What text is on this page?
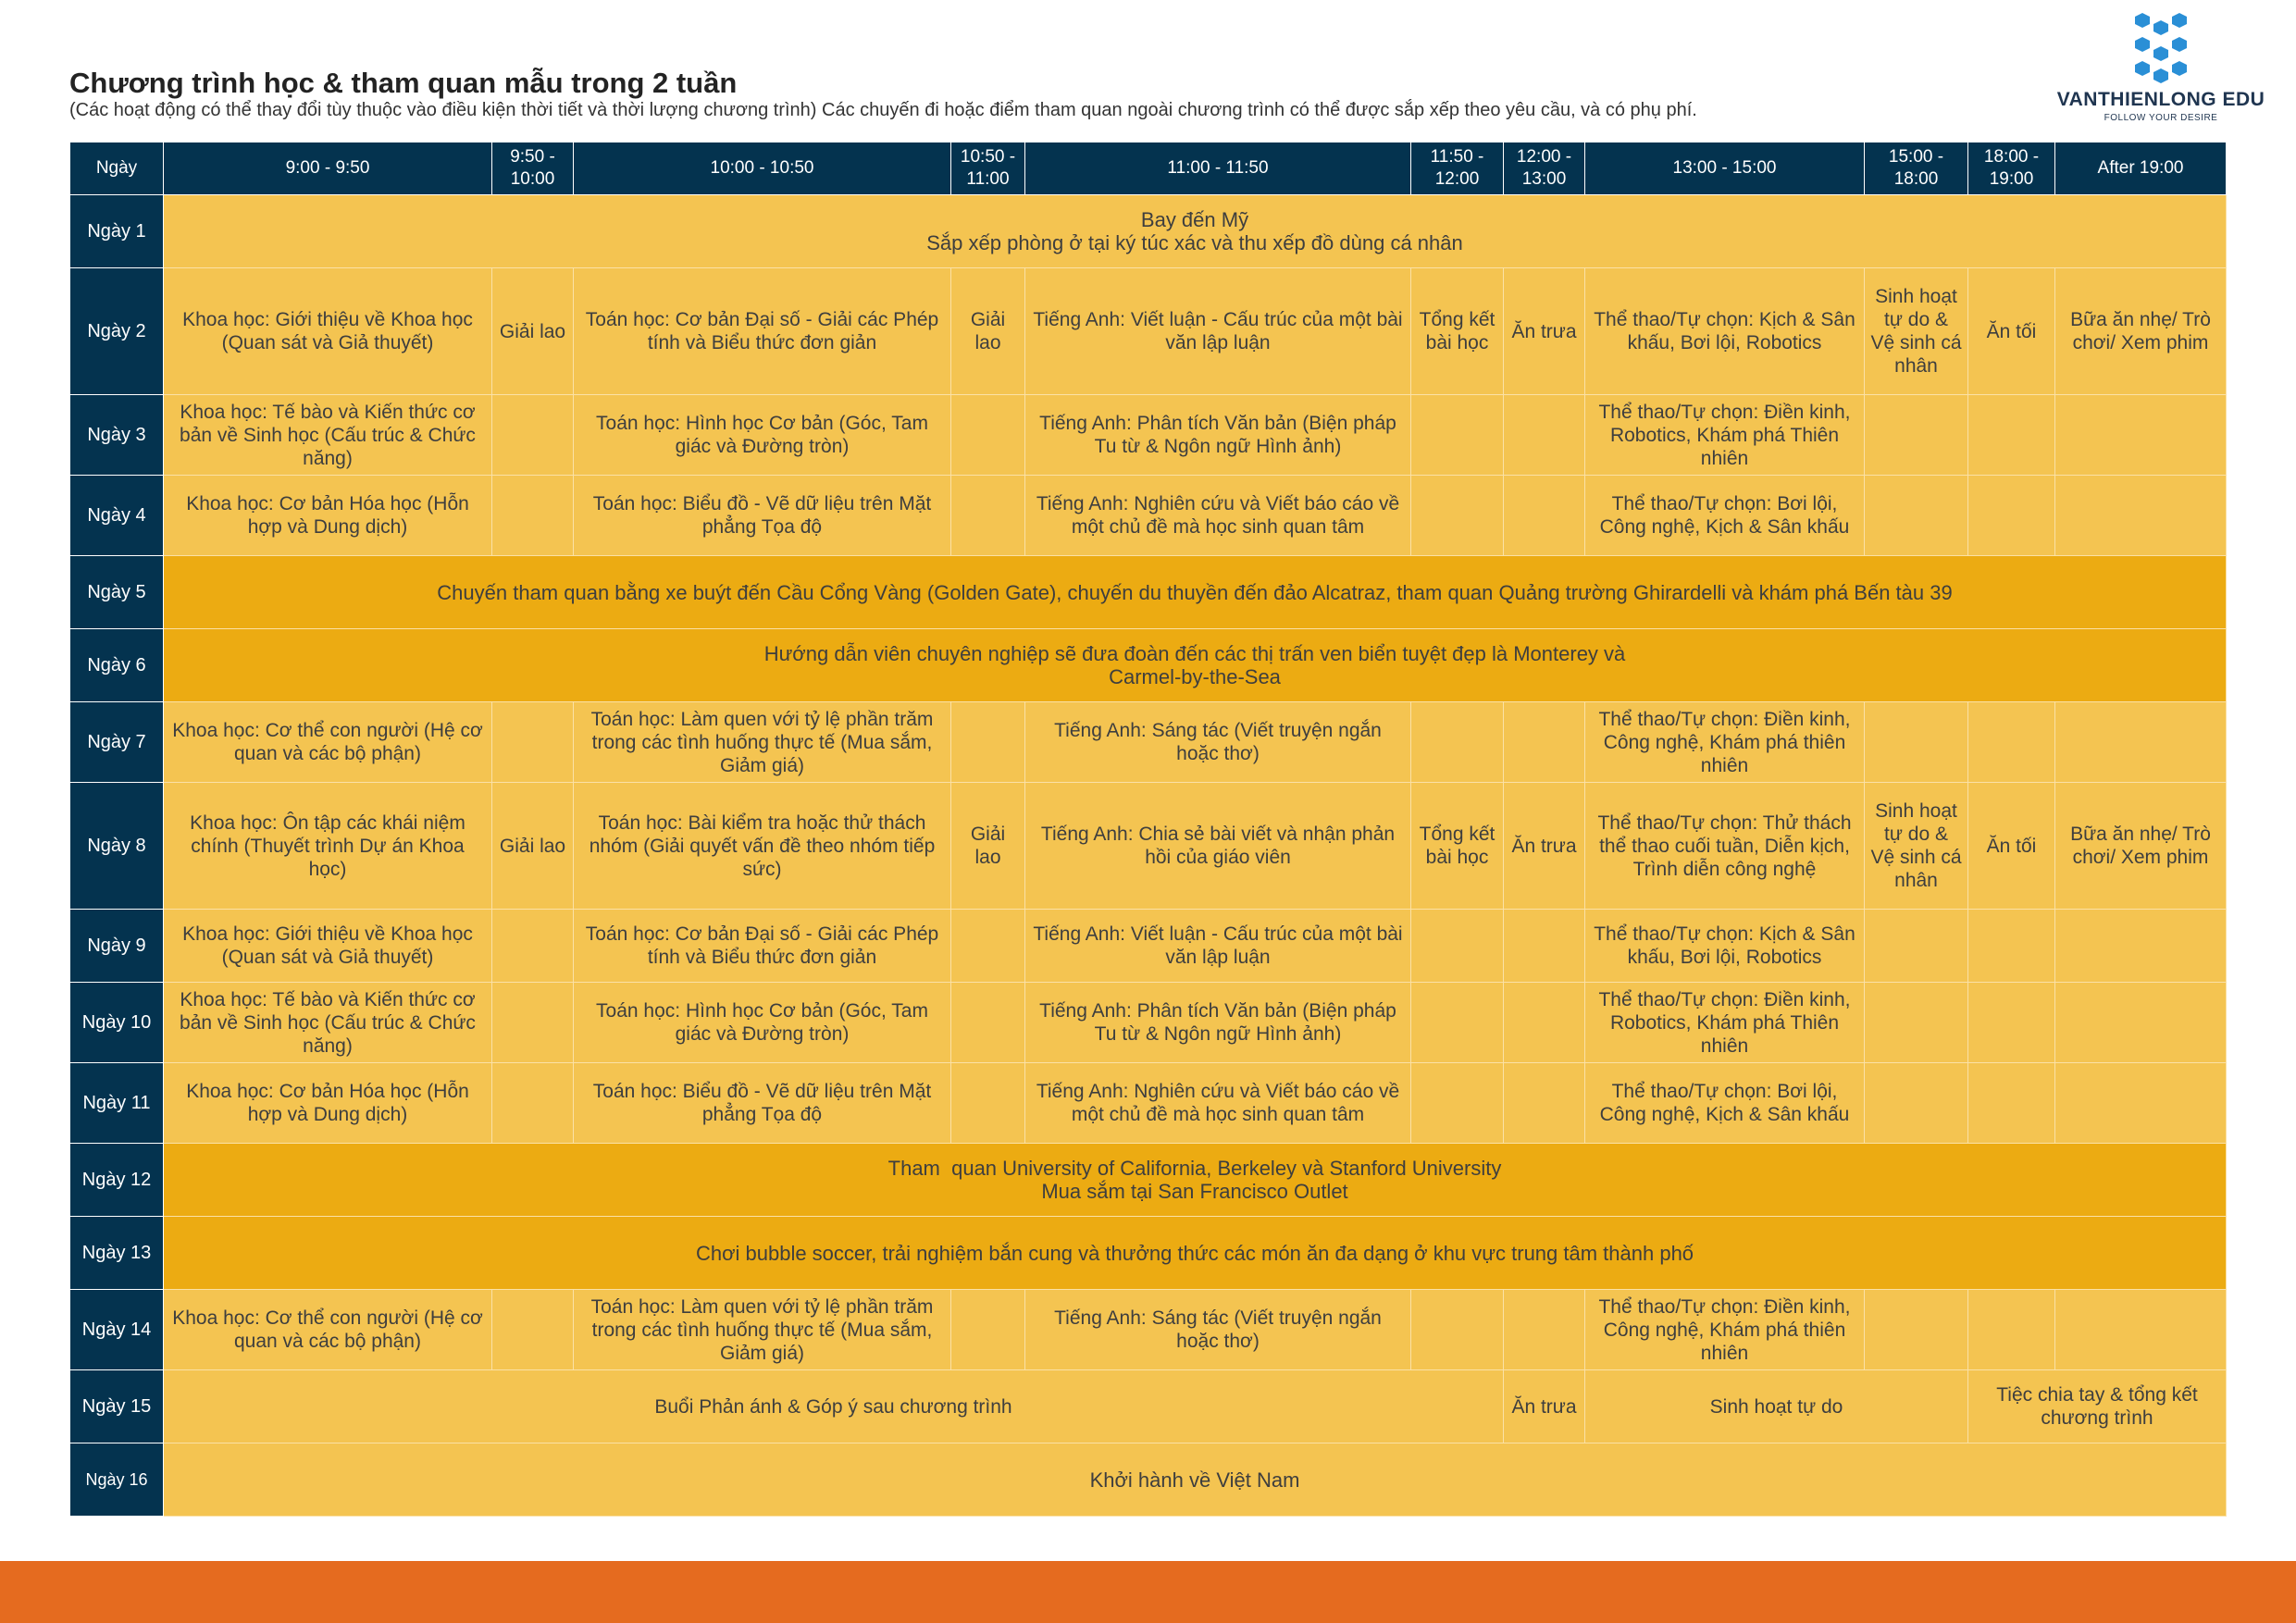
Chương trình học & tham quan mẫu trong 2 tuần

(Các hoạt động có thể thay đổi tùy thuộc vào điều kiện thời tiết và thời lượng chương trình) Các chuyến đi hoặc điểm tham quan ngoài chương trình có thể được sắp xếp theo yêu cầu, và có phụ phí.	VANTHIENLONG EDU
FOLLOW YOUR DESIRE
Ngày	9:00 - 9:50	9:50 - 10:00	10:00 - 10:50	10:50 - 11:00	11:00 - 11:50	11:50 - 12:00	12:00 - 13:00	13:00 - 15:00	15:00 - 18:00	18:00 - 19:00	After 19:00
Ngày 1	Bay đến Mỹ
Sắp xếp phòng ở tại ký túc xác và thu xếp đồ dùng cá nhân										

Ngày 2	Khoa học: Giới thiệu về Khoa học (Quan sát và Giả thuyết)	Giải lao	Toán học: Cơ bản Đại số - Giải các Phép tính và Biểu thức đơn giản	Giải lao	Tiếng Anh: Viết luận - Cấu trúc của một bài văn lập luận	Tổng kết bài học	Ăn trưa	Thể thao/Tự chọn: Kịch & Sân khấu, Bơi lội, Robotics	Sinh hoạt tự do & Vệ sinh cá nhân	Ăn tối	Bữa ăn nhẹ/ Trò chơi/ Xem phim
Ngày 3	Khoa học: Tế bào và Kiến thức cơ bản về Sinh học (Cấu trúc & Chức năng)		Toán học: Hình học Cơ bản (Góc, Tam giác và Đường tròn)		Tiếng Anh: Phân tích Văn bản (Biện pháp Tu từ & Ngôn ngữ Hình ảnh)			Thể thao/Tự chọn: Điền kinh, Robotics, Khám phá Thiên nhiên			
Ngày 4	Khoa học: Cơ bản Hóa học (Hỗn hợp và Dung dịch)		Toán học: Biểu đồ - Vẽ dữ liệu trên Mặt phẳng Tọa độ		Tiếng Anh: Nghiên cứu và Viết báo cáo về một chủ đề mà học sinh quan tâm			Thể thao/Tự chọn: Bơi lội, Công nghệ, Kịch & Sân khấu			
Ngày 5	Chuyến tham quan bằng xe buýt đến Cầu Cổng Vàng (Golden Gate), chuyến du thuyền đến đảo Alcatraz, tham quan Quảng trường Ghirardelli và khám phá Bến tàu 39										
Ngày 6	Hướng dẫn viên chuyên nghiệp sẽ đưa đoàn đến các thị trấn ven biển tuyệt đẹp là Monterey và
Carmel-by-the-Sea										

Ngày 7	Khoa học: Cơ thể con người (Hệ cơ quan và các bộ phận)		Toán học: Làm quen với tỷ lệ phần trăm trong các tình huống thực tế (Mua sắm, Giảm giá)		Tiếng Anh: Sáng tác (Viết truyện ngắn hoặc thơ)			Thể thao/Tự chọn: Điền kinh, Công nghệ, Khám phá thiên nhiên			
Ngày 8	Khoa học: Ôn tập các khái niệm chính (Thuyết trình Dự án Khoa học)	Giải lao	Toán học: Bài kiểm tra hoặc thử thách nhóm (Giải quyết vấn đề theo nhóm tiếp sức)	Giải lao	Tiếng Anh: Chia sẻ bài viết và nhận phản hồi của giáo viên	Tổng kết bài học	Ăn trưa	Thể thao/Tự chọn: Thử thách thể thao cuối tuần, Diễn kịch, Trình diễn công nghệ	Sinh hoạt tự do & Vệ sinh cá nhân	Ăn tối	Bữa ăn nhẹ/ Trò chơi/ Xem phim
Ngày 9	Khoa học: Giới thiệu về Khoa học (Quan sát và Giả thuyết)		Toán học: Cơ bản Đại số - Giải các Phép tính và Biểu thức đơn giản		Tiếng Anh: Viết luận - Cấu trúc của một bài văn lập luận			Thể thao/Tự chọn: Kịch & Sân khấu, Bơi lội, Robotics			
Ngày 10	Khoa học: Tế bào và Kiến thức cơ bản về Sinh học (Cấu trúc & Chức năng)		Toán học: Hình học Cơ bản (Góc, Tam giác và Đường tròn)		Tiếng Anh: Phân tích Văn bản (Biện pháp Tu từ & Ngôn ngữ Hình ảnh)			Thể thao/Tự chọn: Điền kinh, Robotics, Khám phá Thiên nhiên			
Ngày 11	Khoa học: Cơ bản Hóa học (Hỗn hợp và Dung dịch)		Toán học: Biểu đồ - Vẽ dữ liệu trên Mặt phẳng Tọa độ		Tiếng Anh: Nghiên cứu và Viết báo cáo về một chủ đề mà học sinh quan tâm			Thể thao/Tự chọn: Bơi lội, Công nghệ, Kịch & Sân khấu			
Ngày 12	Tham  quan University of California, Berkeley và Stanford University
Mua sắm tại San Francisco Outlet										

Ngày 13	Chơi bubble soccer, trải nghiệm bắn cung và thưởng thức các món ăn đa dạng ở khu vực trung tâm thành phố										
Ngày 14	Khoa học: Cơ thể con người (Hệ cơ quan và các bộ phận)		Toán học: Làm quen với tỷ lệ phần trăm trong các tình huống thực tế (Mua sắm, Giảm giá)		Tiếng Anh: Sáng tác (Viết truyện ngắn hoặc thơ)			Thể thao/Tự chọn: Điền kinh, Công nghệ, Khám phá thiên nhiên			
Ngày 15	Buổi Phản ánh & Góp ý sau chương trình						Ăn trưa	Sinh hoạt tự do		Tiệc chia tay & tổng kết chương trình	
Ngày 16	Khởi hành về Việt Nam										
